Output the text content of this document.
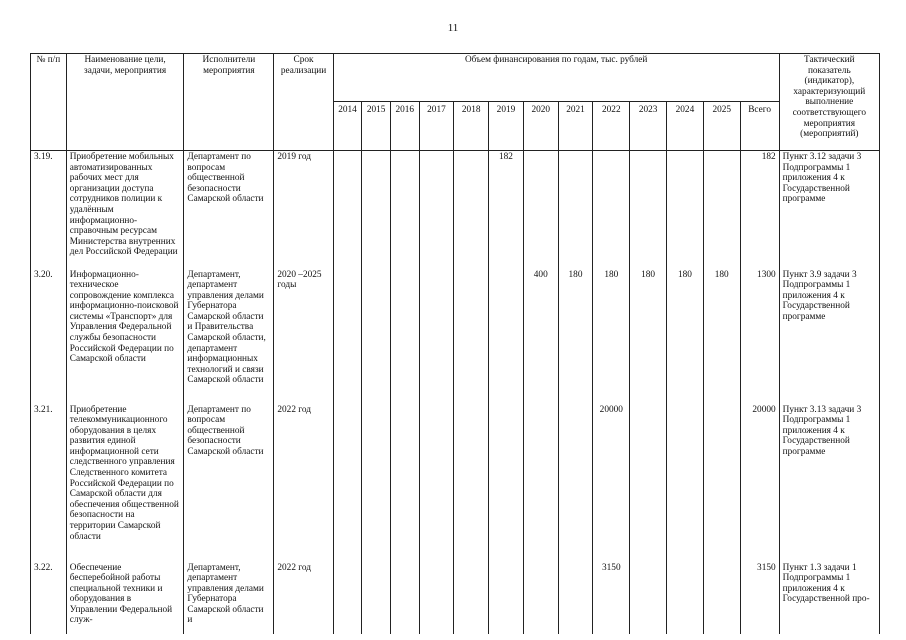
11
№ п/п	Наименование цели, задачи, мероприятия	Исполнители мероприятия	Срок реализации	Объем финансирования по годам, тыс. рублей													Тактический показатель (индикатор), характеризующий выполнение соответствующего мероприятия (мероприятий)
				2014	2015	2016	2017	2018	2019	2020	2021	2022	2023	2024	2025	Всего	
3.19.	Приобретение мобильных автоматизированных рабочих мест для организации доступа сотрудников полиции к удалённым информационно-справочным ресурсам Министерства внутренних дел Российской Федерации	Департамент по вопросам общественной безопасности Самарской области	2019 год						182							182	Пункт 3.12 задачи 3 Подпрограммы 1 приложения 4 к Государственной программе
3.20.	Информационно-техническое сопровождение комплекса информационно-поисковой системы «Транспорт» для Управления Федеральной службы безопасности Российской Федерации по Самарской области	Департамент, департамент управления делами Губернатора Самарской области и Правительства Самарской области, департамент информационных технологий и связи Самарской области	2020 –2025 годы							400	180	180	180	180	180	1300	Пункт 3.9 задачи 3 Подпрограммы 1 приложения 4 к Государственной программе
3.21.	Приобретение телекоммуникационного оборудования в целях развития единой информационной сети следственного управления Следственного комитета Российской Федерации по Самарской области для обеспечения общественной безопасности на территории Самарской области	Департамент по вопросам общественной безопасности Самарской области	2022 год									20000				20000	Пункт 3.13 задачи 3 Подпрограммы 1 приложения 4 к Государственной программе
3.22.	Обеспечение бесперебойной работы специальной техники и оборудования в Управлении Федеральной служ-	Департамент, департамент управления делами Губернатора Самарской области и	2022 год									3150				3150	Пункт 1.3 задачи 1 Подпрограммы 1 приложения 4 к Государственной про-
